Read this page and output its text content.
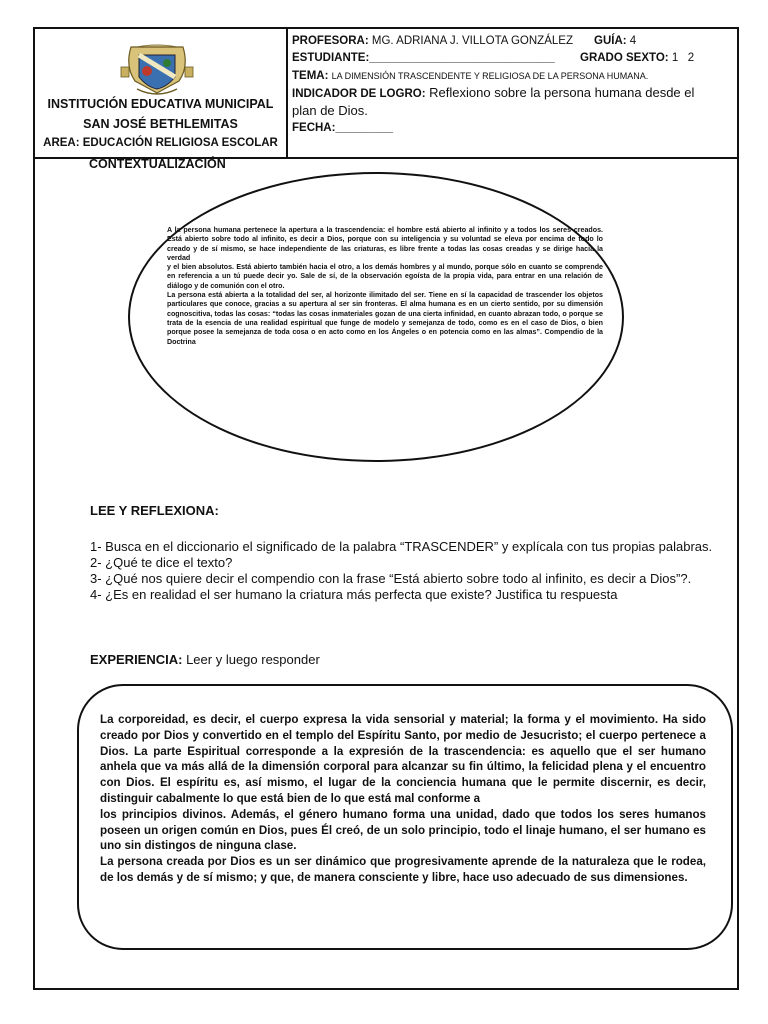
INSTITUCIÓN EDUCATIVA MUNICIPAL
SAN JOSÉ BETHLEMITAS
AREA: EDUCACIÓN RELIGIOSA ESCOLAR
PROFESORA: MG. ADRIANA J. VILLOTA GONZÁLEZ GUÍA: 4
ESTUDIANTE:_____________________________ GRADO SEXTO: 1   2
TEMA: LA DIMENSIÓN TRASCENDENTE Y RELIGIOSA DE LA PERSONA HUMANA.
INDICADOR DE LOGRO: Reflexiono sobre la persona humana desde el
plan de Dios.
FECHA:_________
CONTEXTUALIZACIÓN

A la persona humana pertenece la apertura a la trascendencia: el hombre está abierto al infinito y a todos los seres creados. Está abierto sobre todo al infinito, es decir a Dios, porque con su inteligencia y su voluntad se eleva por encima de todo lo creado y de sí mismo, se hace independiente de las criaturas, es libre frente a todas las cosas creadas y se dirige hacia la verdad

y el bien absolutos. Está abierto también hacia el otro, a los demás hombres y al mundo, porque sólo en cuanto se comprende en referencia a un tú puede decir yo. Sale de sí, de la observación egoísta de la propia vida, para entrar en una relación de diálogo y de comunión con el otro.

La persona está abierta a la totalidad del ser, al horizonte ilimitado del ser. Tiene en sí la capacidad de trascender los objetos particulares que conoce, gracias a su apertura al ser sin fronteras. El alma humana es en un cierto sentido, por su dimensión cognoscitiva, todas las cosas: “todas las cosas inmateriales gozan de una cierta infinidad, en cuanto abrazan todo, o porque se trata de la esencia de una realidad espiritual que funge de modelo y semejanza de todo, como es en el caso de Dios, o bien porque posee la semejanza de toda cosa o en acto como en los Ángeles o en potencia como en las almas”. Compendio de la Doctrina

LEE Y REFLEXIONA:

1- Busca en el diccionario el significado de la palabra “TRASCENDER” y explícala con tus propias palabras.

2- ¿Qué te dice el texto?

3- ¿Qué nos quiere decir el compendio con la frase “Está abierto sobre todo al infinito, es decir a Dios”?.

4- ¿Es en realidad el ser humano la criatura más perfecta que existe? Justifica tu respuesta

EXPERIENCIA: Leer y luego responder

La corporeidad, es decir, el cuerpo expresa la vida sensorial y material; la forma y el movimiento. Ha sido creado por Dios y convertido en el templo del Espíritu Santo, por medio de Jesucristo; el cuerpo pertenece a Dios. La parte Espiritual corresponde a la expresión de la trascendencia: es aquello que el ser humano anhela que va más allá de la dimensión corporal para alcanzar su fin último, la felicidad plena y el encuentro con Dios. El espíritu es, así mismo, el lugar de la conciencia humana que le permite discernir, es decir, distinguir cabalmente lo que está bien de lo que está mal conforme a

los principios divinos. Además, el género humano forma una unidad, dado que todos los seres humanos poseen un origen común en Dios, pues Él creó, de un solo principio, todo el linaje humano, el ser humano es uno sin distingos de ninguna clase.

La persona creada por Dios es un ser dinámico que progresivamente aprende de la naturaleza que le rodea, de los demás y de sí mismo; y que, de manera consciente y libre, hace uso adecuado de sus dimensiones.
